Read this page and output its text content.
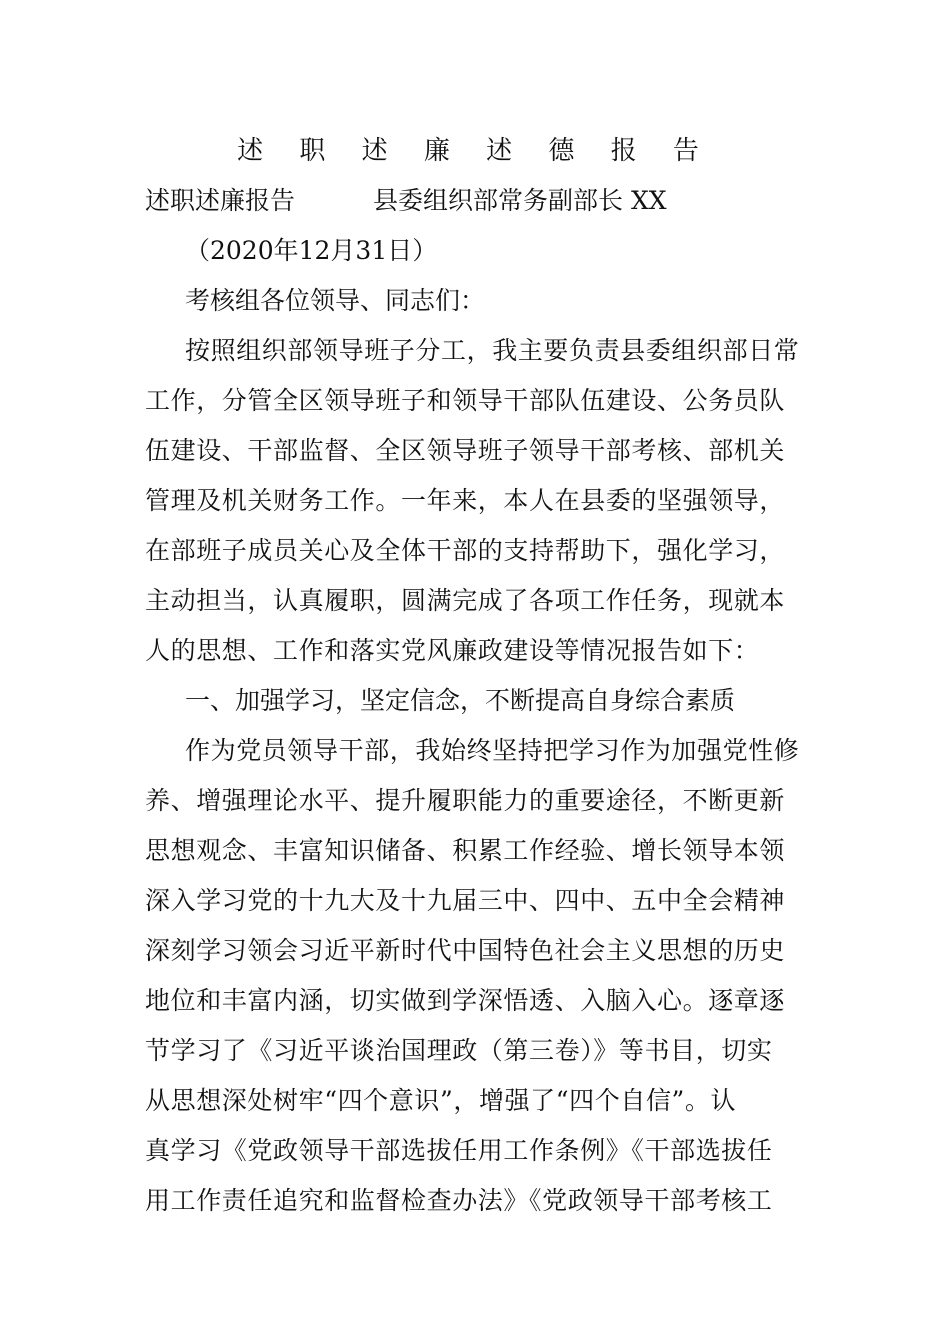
述 职 述 廉 述 德 报 告

述职述廉报告	县委组织部常务副部长 XX

（2020年12月31日）

考核组各位领导、同志们：

按照组织部领导班子分工，我主要负责县委组织部日常

工作，分管全区领导班子和领导干部队伍建设、公务员队

伍建设、干部监督、全区领导班子领导干部考核、部机关

管理及机关财务工作。一年来，本人在县委的坚强领导，

在部班子成员关心及全体干部的支持帮助下，强化学习，

主动担当，认真履职，圆满完成了各项工作任务，现就本

人的思想、工作和落实党风廉政建设等情况报告如下：

一、加强学习，坚定信念，不断提高自身综合素质

作为党员领导干部，我始终坚持把学习作为加强党性修

养、增强理论水平、提升履职能力的重要途径，不断更新

思想观念、丰富知识储备、积累工作经验、增长领导本领

深入学习党的十九大及十九届三中、四中、五中全会精神

深刻学习领会习近平新时代中国特色社会主义思想的历史

地位和丰富内涵，切实做到学深悟透、入脑入心。逐章逐

节学习了《习近平谈治国理政（第三卷）》等书目，切实

从思想深处树牢“四个意识”，增强了“四个自信”。认

真学习《党政领导干部选拔任用工作条例》《干部选拔任

用工作责任追究和监督检查办法》《党政领导干部考核工
